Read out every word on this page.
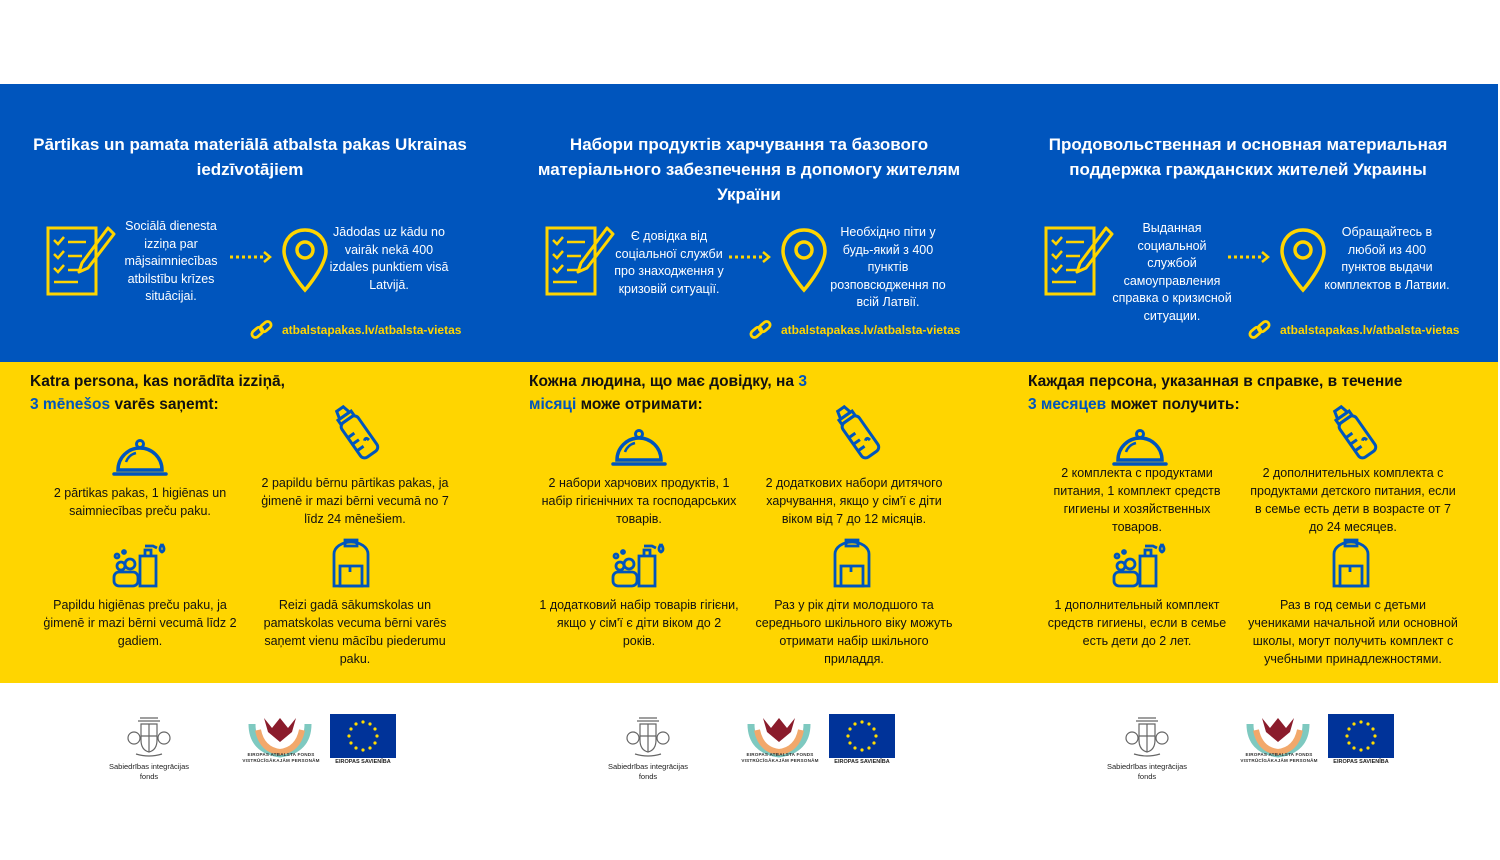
Pārtikas un pamata materiālā atbalsta pakas Ukrainas iedzīvotājiem
Sociālā dienesta izziņa par mājsaimniecības atbilstību krīzes situācijai.
Jādodas uz kādu no vairāk nekā 400 izdales punktiem visā Latvijā.
atbalstapakas.lv/atbalsta-vietas
Katra persona, kas norādīta izziņā,
3 mēnešos varēs saņemt:
2 pārtikas pakas, 1 higiēnas un saimniecības preču paku.
2 papildu bērnu pārtikas pakas, ja ģimenē ir mazi bērni vecumā no 7 līdz 24 mēnešiem.
Papildu higiēnas preču paku, ja ģimenē ir mazi bērni vecumā līdz 2 gadiem.
Reizi gadā sākumskolas un pamatskolas vecuma bērni varēs saņemt vienu mācību piederumu paku.
Sabiedrības integrācijas fonds
EIROPAS ATBALSTA FONDS VISTRŪCĪGĀKAJĀM PERSONĀM	EIROPAS SAVIENĪBA
Набори продуктів харчування та базового матеріального забезпечення в допомогу жителям України
Є довідка від соціальної служби про знаходження у кризовій ситуації.
Необхідно піти у будь-який з 400 пунктів розповсюдження по всій Латвії.
atbalstapakas.lv/atbalsta-vietas
Кожна людина, що має довідку, на 3 місяці може отримати:
2 набори харчових продуктів, 1 набір гігієнічних та господарських товарів.
2 додаткових набори дитячого харчування, якщо у сім'ї є діти віком від 7 до 12 місяців.
1 додатковий набір товарів гігієни, якщо у сім'ї є діти віком до 2 років.
Раз у рік діти молодшого та середнього шкільного віку можуть отримати набір шкільного приладдя.
Sabiedrības integrācijas fonds
EIROPAS ATBALSTA FONDS VISTRŪCĪGĀKAJĀM PERSONĀM	EIROPAS SAVIENĪBA
Продовольственная и основная материальная поддержка гражданских жителей Украины
Выданная социальной службой самоуправления справка о кризисной ситуации.
Обращайтесь в любой из 400 пунктов выдачи комплектов в Латвии.
atbalstapakas.lv/atbalsta-vietas
Каждая персона, указанная в справке, в течение
3 месяцев может получить:
2 комплекта с продуктами питания, 1 комплект средств гигиены и хозяйственных товаров.
2 дополнительных комплекта с продуктами детского питания, если в семье есть дети в возрасте от 7 до 24 месяцев.
1 дополнительный комплект средств гигиены, если в семье есть дети до 2 лет.
Раз в год семьи с детьми учениками начальной или основной школы, могут получить комплект с учебными принадлежностями.
Sabiedrības integrācijas fonds
EIROPAS ATBALSTA FONDS VISTRŪCĪGĀKAJĀM PERSONĀM	EIROPAS SAVIENĪBA
